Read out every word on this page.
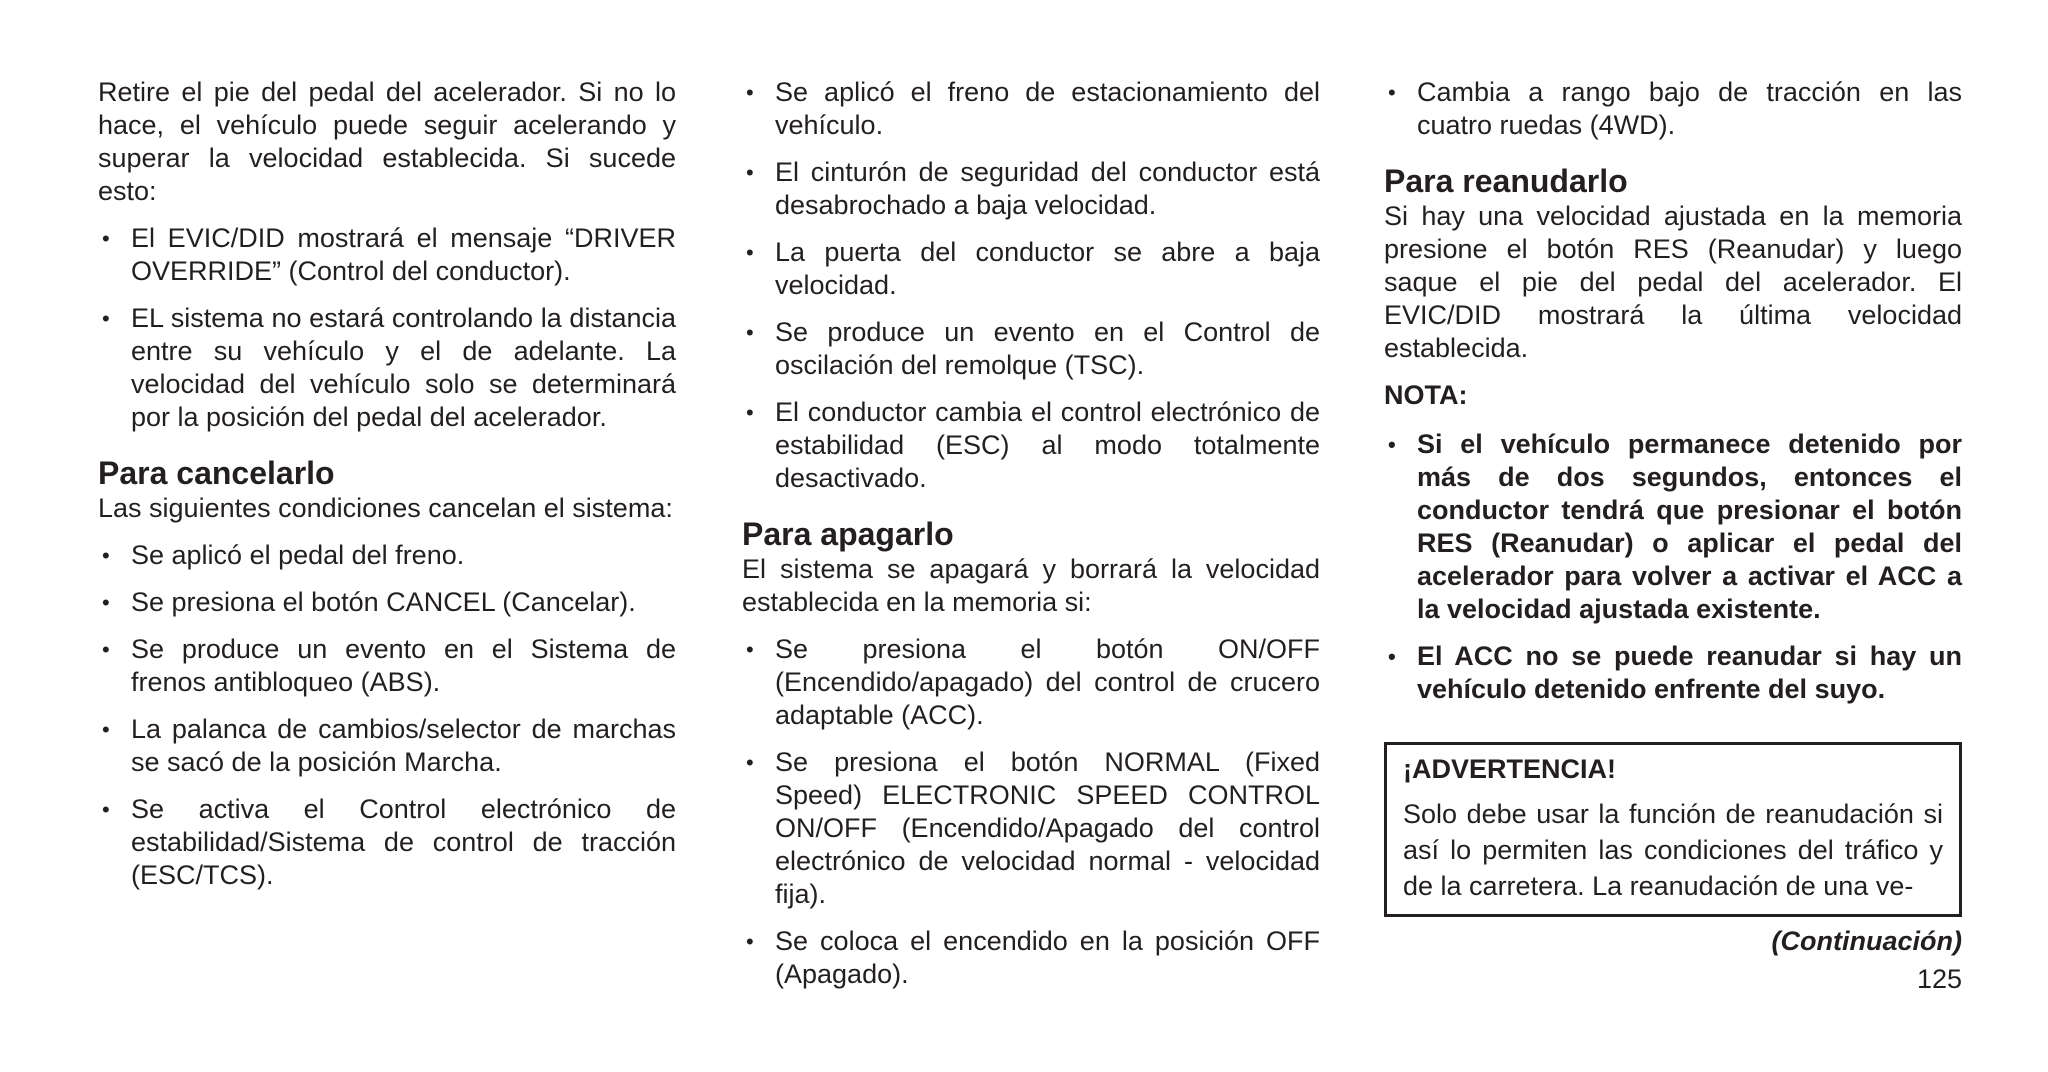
Retire el pie del pedal del acelerador. Si no lo hace, el vehículo puede seguir acelerando y superar la velocidad establecida. Si sucede esto:

• El EVIC/DID mostrará el mensaje “DRIVER OVERRIDE” (Control del conductor).
• EL sistema no estará controlando la distancia entre su vehículo y el de adelante. La velocidad del vehículo solo se determinará por la posición del pedal del acelerador.
Para cancelarlo

Las siguientes condiciones cancelan el sistema:

• Se aplicó el pedal del freno.
• Se presiona el botón CANCEL (Cancelar).
• Se produce un evento en el Sistema de frenos antibloqueo (ABS).
• La palanca de cambios/selector de marchas se sacó de la posición Marcha.
• Se activa el Control electrónico de estabilidad/Sistema de control de tracción (ESC/TCS).
• Se aplicó el freno de estacionamiento del vehículo.
• El cinturón de seguridad del conductor está desabrochado a baja velocidad.
• La puerta del conductor se abre a baja velocidad.
• Se produce un evento en el Control de oscilación del remolque (TSC).
• El conductor cambia el control electrónico de estabilidad (ESC) al modo totalmente desactivado.
Para apagarlo

El sistema se apagará y borrará la velocidad establecida en la memoria si:

• Se presiona el botón ON/OFF (Encendido/apagado) del control de crucero adaptable (ACC).
• Se presiona el botón NORMAL (Fixed Speed) ELECTRONIC SPEED CONTROL ON/OFF (Encendido/Apagado del control electrónico de velocidad normal - velocidad fija).
• Se coloca el encendido en la posición OFF (Apagado).
• Cambia a rango bajo de tracción en las cuatro ruedas (4WD).
Para reanudarlo

Si hay una velocidad ajustada en la memoria presione el botón RES (Reanudar) y luego saque el pie del pedal del acelerador. El EVIC/DID mostrará la última velocidad establecida.

NOTA:
• Si el vehículo permanece detenido por más de dos segundos, entonces el conductor tendrá que presionar el botón RES (Reanudar) o aplicar el pedal del acelerador para volver a activar el ACC a la velocidad ajustada existente.
• El ACC no se puede reanudar si hay un vehículo detenido enfrente del suyo.
¡ADVERTENCIA!

Solo debe usar la función de reanudación si así lo permiten las condiciones del tráfico y de la carretera. La reanudación de una ve-

(Continuación)
125
